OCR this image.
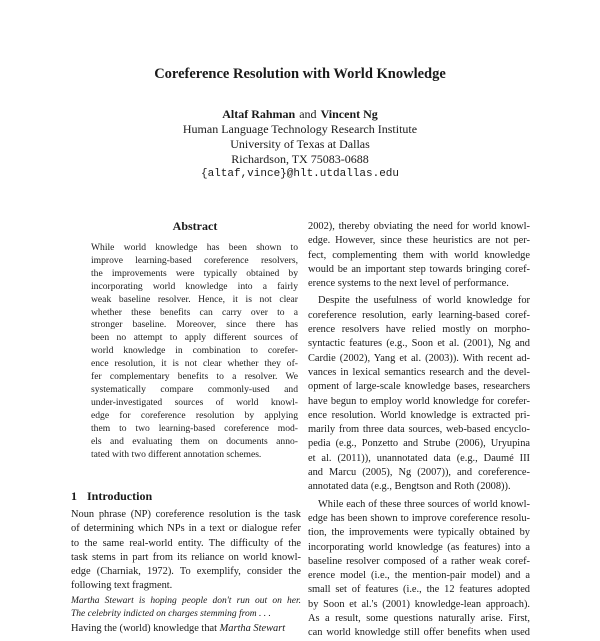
Coreference Resolution with World Knowledge
Altaf Rahman and Vincent Ng
Human Language Technology Research Institute
University of Texas at Dallas
Richardson, TX 75083-0688
{altaf,vince}@hlt.utdallas.edu
Abstract
While world knowledge has been shown to
improve learning-based coreference resolvers,
the improvements were typically obtained by
incorporating world knowledge into a fairly
weak baseline resolver. Hence, it is not clear
whether these benefits can carry over to a
stronger baseline. Moreover, since there has
been no attempt to apply different sources of
world knowledge in combination to corefer-
ence resolution, it is not clear whether they of-
fer complementary benefits to a resolver. We
systematically compare commonly-used and
under-investigated sources of world knowl-
edge for coreference resolution by applying
them to two learning-based coreference mod-
els and evaluating them on documents anno-
tated with two different annotation schemes.
1 Introduction
Noun phrase (NP) coreference resolution is the task
of determining which NPs in a text or dialogue refer
to the same real-world entity. The difficulty of the
task stems in part from its reliance on world knowl-
edge (Charniak, 1972). To exemplify, consider the
following text fragment.
Martha Stewart is hoping people don't run out on her.
The celebrity indicted on charges stemming from . . .
Having the (world) knowledge that Martha Stewart

2002), thereby obviating the need for world knowl-
edge. However, since these heuristics are not per-
fect, complementing them with world knowledge
would be an important step towards bringing coref-
erence systems to the next level of performance.

Despite the usefulness of world knowledge for
coreference resolution, early learning-based coref-
erence resolvers have relied mostly on morpho-
syntactic features (e.g., Soon et al. (2001), Ng and
Cardie (2002), Yang et al. (2003)). With recent ad-
vances in lexical semantics research and the devel-
opment of large-scale knowledge bases, researchers
have begun to employ world knowledge for corefer-
ence resolution. World knowledge is extracted pri-
marily from three data sources, web-based encyclo-
pedia (e.g., Ponzetto and Strube (2006), Uryupina
et al. (2011)), unannotated data (e.g., Daumé III
and Marcu (2005), Ng (2007)), and coreference-
annotated data (e.g., Bengtson and Roth (2008)).

While each of these three sources of world knowl-
edge has been shown to improve coreference resolu-
tion, the improvements were typically obtained by
incorporating world knowledge (as features) into a
baseline resolver composed of a rather weak coref-
erence model (i.e., the mention-pair model) and a
small set of features (i.e., the 12 features adopted
by Soon et al.'s (2001) knowledge-lean approach).
As a result, some questions naturally arise. First,
can world knowledge still offer benefits when used
